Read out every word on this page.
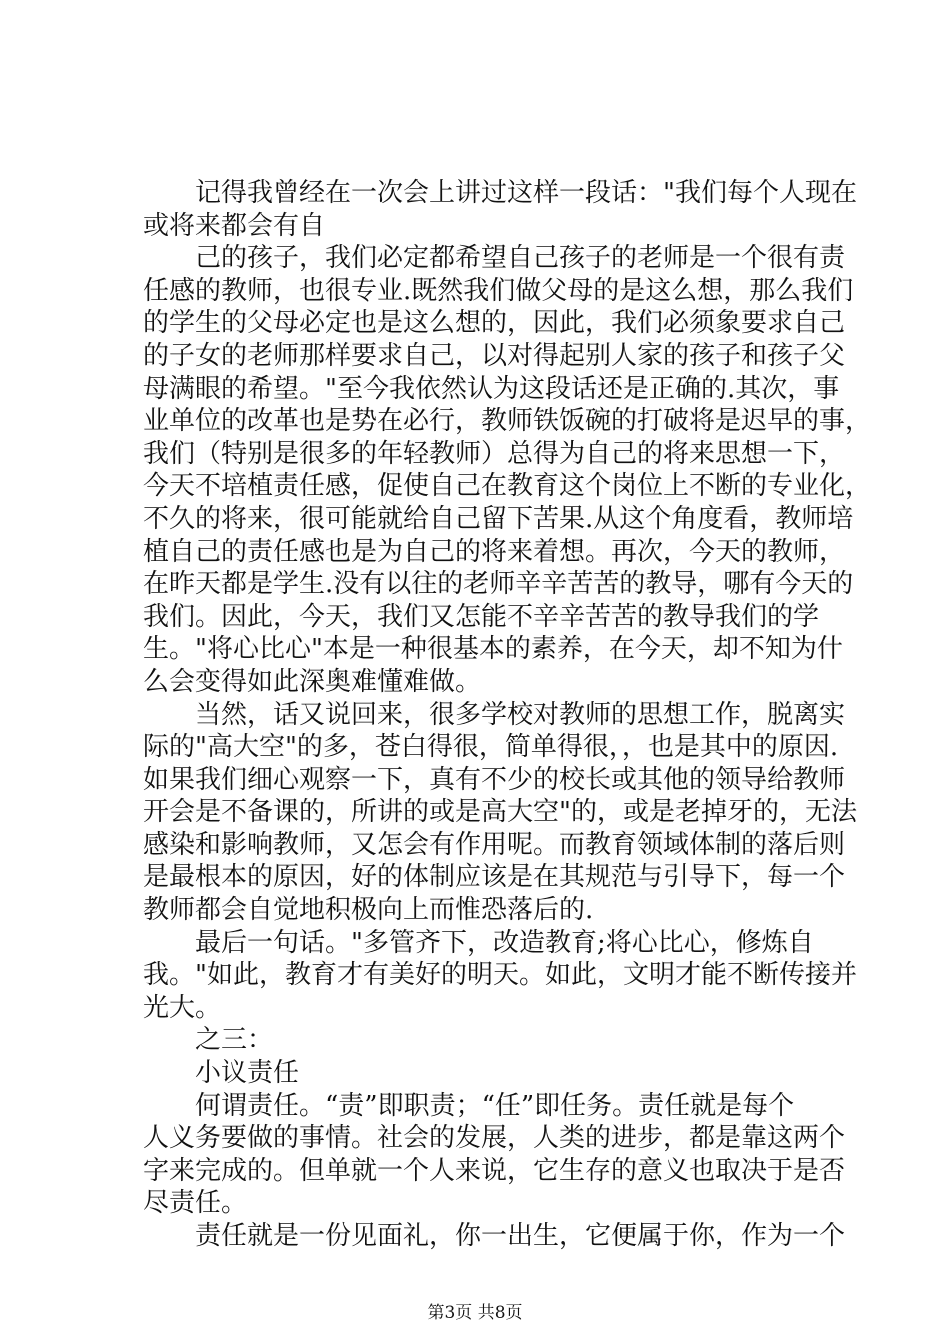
　　记得我曾经在一次会上讲过这样一段话："我们每个人现在
或将来都会有自
　　己的孩子，我们必定都希望自己孩子的老师是一个很有责
任感的教师，也很专业.既然我们做父母的是这么想，那么我们
的学生的父母必定也是这么想的，因此，我们必须象要求自己
的子女的老师那样要求自己，以对得起别人家的孩子和孩子父
母满眼的希望。"至今我依然认为这段话还是正确的.其次，事
业单位的改革也是势在必行，教师铁饭碗的打破将是迟早的事，
我们（特别是很多的年轻教师）总得为自己的将来思想一下，
今天不培植责任感，促使自己在教育这个岗位上不断的专业化，
不久的将来，很可能就给自己留下苦果.从这个角度看，教师培
植自己的责任感也是为自己的将来着想。再次，今天的教师，
在昨天都是学生.没有以往的老师辛辛苦苦的教导，哪有今天的
我们。因此，今天，我们又怎能不辛辛苦苦的教导我们的学
生。"将心比心"本是一种很基本的素养，在今天，却不知为什
么会变得如此深奥难懂难做。
　　当然，话又说回来，很多学校对教师的思想工作，脱离实
际的"高大空"的多，苍白得很，简单得很，，也是其中的原因.
如果我们细心观察一下，真有不少的校长或其他的领导给教师
开会是不备课的，所讲的或是高大空"的，或是老掉牙的，无法
感染和影响教师，又怎会有作用呢。而教育领域体制的落后则
是最根本的原因，好的体制应该是在其规范与引导下，每一个
教师都会自觉地积极向上而惟恐落后的.
　　最后一句话。"多管齐下，改造教育;将心比心，修炼自
我。"如此，教育才有美好的明天。如此，文明才能不断传接并
光大。
　　之三：
　　小议责任
　　何谓责任。“责”即职责；“任”即任务。责任就是每个
人义务要做的事情。社会的发展，人类的进步，都是靠这两个
字来完成的。但单就一个人来说，它生存的意义也取决于是否
尽责任。
　　责任就是一份见面礼，你一出生，它便属于你，作为一个
第3页 共8页
